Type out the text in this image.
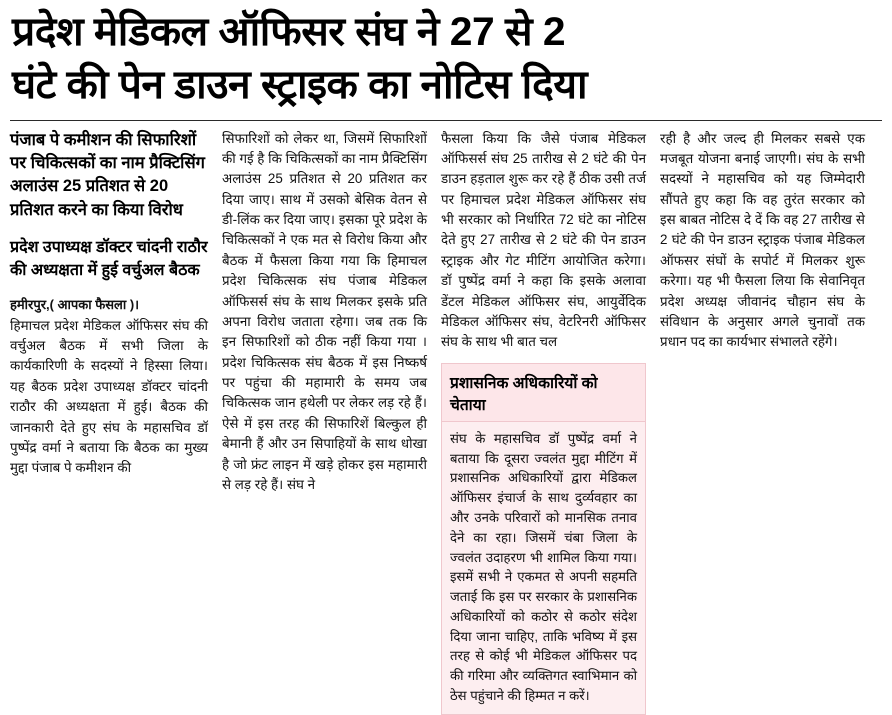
प्रदेश मेडिकल ऑफिसर संघ ने 27 से 2
घंटे की पेन डाउन स्ट्राइक का नोटिस दिया
पंजाब पे कमीशन की सिफारिशों पर चिकित्सकों का नाम प्रैक्टिसिंग अलाउंस 25 प्रतिशत से 20 प्रतिशत करने का किया विरोध
प्रदेश उपाध्यक्ष डॉक्टर चांदनी राठौर की अध्यक्षता में हुई वर्चुअल बैठक
हमीरपुर,( आपका फैसला )।

हिमाचल प्रदेश मेडिकल ऑफिसर संघ की वर्चुअल बैठक में सभी जिला के कार्यकारिणी के सदस्यों ने हिस्सा लिया। यह बैठक प्रदेश उपाध्यक्ष डॉक्टर चांदनी राठौर की अध्यक्षता में हुई। बैठक की जानकारी देते हुए संघ के महासचिव डॉ पुष्पेंद्र वर्मा ने बताया कि बैठक का मुख्य मुद्दा पंजाब पे कमीशन की

सिफारिशों को लेकर था, जिसमें सिफारिशों की गई है कि चिकित्सकों का नाम प्रैक्टिसिंग अलाउंस 25 प्रतिशत से 20 प्रतिशत कर दिया जाए। साथ में उसको बेसिक वेतन से डी-लिंक कर दिया जाए। इसका पूरे प्रदेश के चिकित्सकों ने एक मत से विरोध किया और बैठक में फैसला किया गया कि हिमाचल प्रदेश चिकित्सक संघ पंजाब मेडिकल ऑफिसर्स संघ के साथ मिलकर इसके प्रति अपना विरोध जताता रहेगा। जब तक कि इन सिफारिशों को ठीक नहीं किया गया । प्रदेश चिकित्सक संघ बैठक में इस निष्कर्ष पर पहुंचा की महामारी के समय जब चिकित्सक जान हथेली पर लेकर लड़ रहे हैं। ऐसे में इस तरह की सिफारिशें बिल्कुल ही बेमानी हैं और उन सिपाहियों के साथ धोखा है जो फ्रंट लाइन में खड़े होकर इस महामारी से लड़ रहे हैं। संघ ने

फैसला किया कि जैसे पंजाब मेडिकल ऑफिसर्स संघ 25 तारीख से 2 घंटे की पेन डाउन हड़ताल शुरू कर रहे हैं ठीक उसी तर्ज पर हिमाचल प्रदेश मेडिकल ऑफिसर संघ भी सरकार को निर्धारित 72 घंटे का नोटिस देते हुए 27 तारीख से 2 घंटे की पेन डाउन स्ट्राइक और गेट मीटिंग आयोजित करेगा। डॉ पुष्पेंद्र वर्मा ने कहा कि इसके अलावा डेंटल मेडिकल ऑफिसर संघ, आयुर्वेदिक मेडिकल ऑफिसर संघ, वेटरिनरी ऑफिसर संघ के साथ भी बात चल

प्रशासनिक अधिकारियों को चेताया

संघ के महासचिव डॉ पुष्पेंद्र वर्मा ने बताया कि दूसरा ज्वलंत मुद्दा मीटिंग में प्रशासनिक अधिकारियों द्वारा मेडिकल ऑफिसर इंचार्ज के साथ दुर्व्यवहार का और उनके परिवारों को मानसिक तनाव देने का रहा। जिसमें चंबा जिला के ज्वलंत उदाहरण भी शामिल किया गया। इसमें सभी ने एकमत से अपनी सहमति जताई कि इस पर सरकार के प्रशासनिक अधिकारियों को कठोर से कठोर संदेश दिया जाना चाहिए, ताकि भविष्य में इस तरह से कोई भी मेडिकल ऑफिसर पद की गरिमा और व्यक्तिगत स्वाभिमान को ठेस पहुंचाने की हिम्मत न करें।

रही है और जल्द ही मिलकर सबसे एक मजबूत योजना बनाई जाएगी। संघ के सभी सदस्यों ने महासचिव को यह जिम्मेदारी सौंपते हुए कहा कि वह तुरंत सरकार को इस बाबत नोटिस दे दें कि वह 27 तारीख से 2 घंटे की पेन डाउन स्ट्राइक पंजाब मेडिकल ऑफसर संघों के सपोर्ट में मिलकर शुरू करेगा। यह भी फैसला लिया कि सेवानिवृत प्रदेश अध्यक्ष जीवानंद चौहान संघ के संविधान के अनुसार अगले चुनावों तक प्रधान पद का कार्यभार संभालते रहेंगे।
